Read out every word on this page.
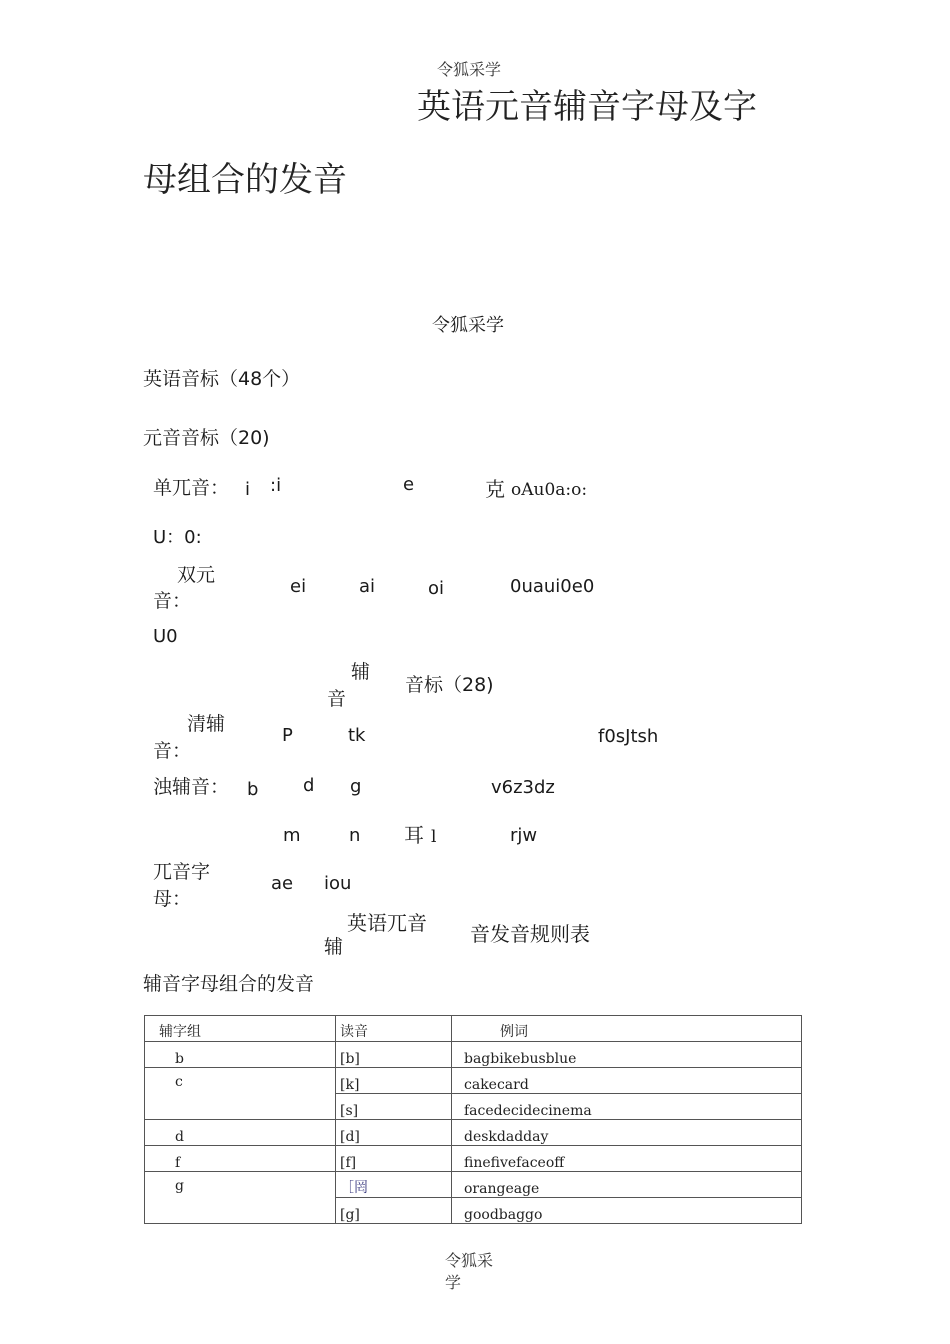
令狐采学
英语元音辅音字母及字
母组合的发音
令狐采学
英语音标（48个）
元音音标（20)
单兀音： i :i	e	克 oAu0a:o:
U：0:
双元
音：
ei	ai	oi	0uaui0e0
U0
辅
音
音标（28)
清辅
音：
P	tk	f0sJtsh
浊辅音： b d g	v6z3dz
m	n 耳 l	rjw
兀音字
母：
ae iou
英语兀音
辅
音发音规则表
辅音字母组合的发音
辅字组	读音	例词
b	[b]	bagbikebusblue
c	[k]	cakecard
	[s]	facedecidecinema
d	[d]	deskdadday
f	[f]	finefivefaceoff
g	［罔	orangeage
	[g]	goodbaggo
令狐采
学
